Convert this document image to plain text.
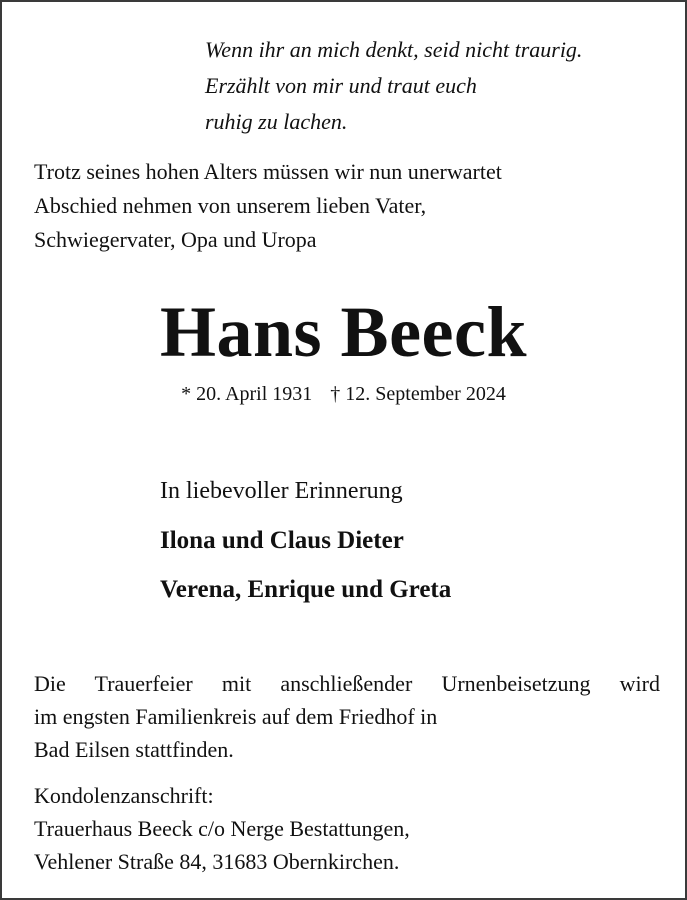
Wenn ihr an mich denkt, seid nicht traurig.
Erzählt von mir und traut euch
ruhig zu lachen.

Trotz seines hohen Alters müssen wir nun unerwartet
Abschied nehmen von unserem lieben Vater,
Schwiegervater, Opa und Uropa

Hans Beeck
* 20. April 1931 † 12. September 2024
In liebevoller Erinnerung
Ilona und Claus Dieter
Verena, Enrique und Greta

Die Trauerfeier mit anschließender Urnenbeisetzung wird
im engsten Familienkreis auf dem Friedhof in
Bad Eilsen stattfinden.

Kondolenzanschrift:
Trauerhaus Beeck c/o Nerge Bestattungen,
Vehlener Straße 84, 31683 Obernkirchen.
